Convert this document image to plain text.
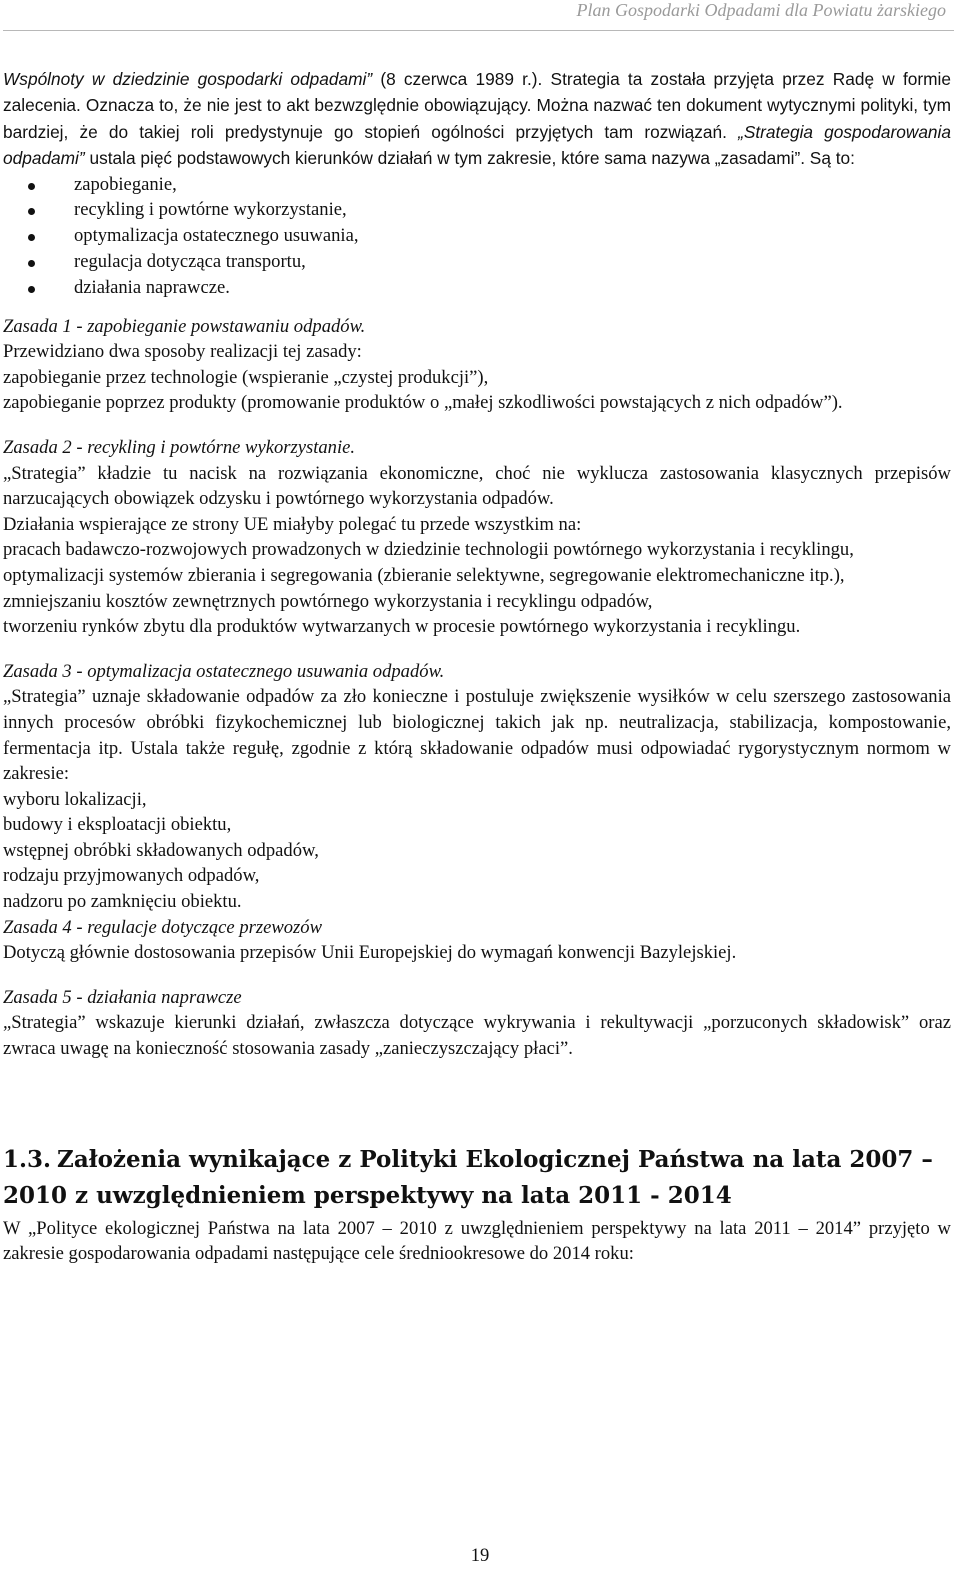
Plan Gospodarki Odpadami dla Powiatu żarskiego

Wspólnoty w dziedzinie gospodarki odpadami” (8 czerwca 1989 r.). Strategia ta została przyjęta przez Radę w formie zalecenia. Oznacza to, że nie jest to akt bezwzględnie obowiązujący. Można nazwać ten dokument wytycznymi polityki, tym bardziej, że do takiej roli predystynuje go stopień ogólności przyjętych tam rozwiązań. „Strategia gospodarowania odpadami” ustala pięć podstawowych kierunków działań w tym zakresie, które sama nazywa „zasadami”. Są to:

zapobieganie,
recykling i powtórne wykorzystanie,
optymalizacja ostatecznego usuwania,
regulacja dotycząca transportu,
działania naprawcze.

Zasada 1 - zapobieganie powstawaniu odpadów.

Przewidziano dwa sposoby realizacji tej zasady:

zapobieganie przez technologie (wspieranie „czystej produkcji”),

zapobieganie poprzez produkty (promowanie produktów o „małej szkodliwości powstających z nich odpadów”).

Zasada 2 - recykling i powtórne wykorzystanie.

„Strategia” kładzie tu nacisk na rozwiązania ekonomiczne, choć nie wyklucza zastosowania klasycznych przepisów narzucających obowiązek odzysku i powtórnego wykorzystania odpadów.

Działania wspierające ze strony UE miałyby polegać tu przede wszystkim na:

pracach badawczo-rozwojowych prowadzonych w dziedzinie technologii powtórnego wykorzystania i recyklingu,

optymalizacji systemów zbierania i segregowania (zbieranie selektywne, segregowanie elektromechaniczne itp.),

zmniejszaniu kosztów zewnętrznych powtórnego wykorzystania i recyklingu odpadów,

tworzeniu rynków zbytu dla produktów wytwarzanych w procesie powtórnego wykorzystania i recyklingu.

Zasada 3 - optymalizacja ostatecznego usuwania odpadów.

„Strategia” uznaje składowanie odpadów za zło konieczne i postuluje zwiększenie wysiłków w celu szerszego zastosowania innych procesów obróbki fizykochemicznej lub biologicznej takich jak np. neutralizacja, stabilizacja, kompostowanie, fermentacja itp. Ustala także regułę, zgodnie z którą składowanie odpadów musi odpowiadać rygorystycznym normom w zakresie:

wyboru lokalizacji,

budowy i eksploatacji obiektu,

wstępnej obróbki składowanych odpadów,

rodzaju przyjmowanych odpadów,

nadzoru po zamknięciu obiektu.

Zasada 4 - regulacje dotyczące przewozów

Dotyczą głównie dostosowania przepisów Unii Europejskiej do wymagań konwencji Bazylejskiej.

Zasada 5 - działania naprawcze

„Strategia” wskazuje kierunki działań, zwłaszcza dotyczące wykrywania i rekultywacji „porzuconych składowisk” oraz zwraca uwagę na konieczność stosowania zasady „zanieczyszczający płaci”.

1.3. Założenia wynikające z Polityki Ekologicznej Państwa na lata 2007 – 2010 z uwzględnieniem perspektywy na lata 2011 - 2014

W „Polityce ekologicznej Państwa na lata 2007 – 2010 z uwzględnieniem perspektywy na lata 2011 – 2014” przyjęto w zakresie gospodarowania odpadami następujące cele średniookresowe do 2014 roku:

19
